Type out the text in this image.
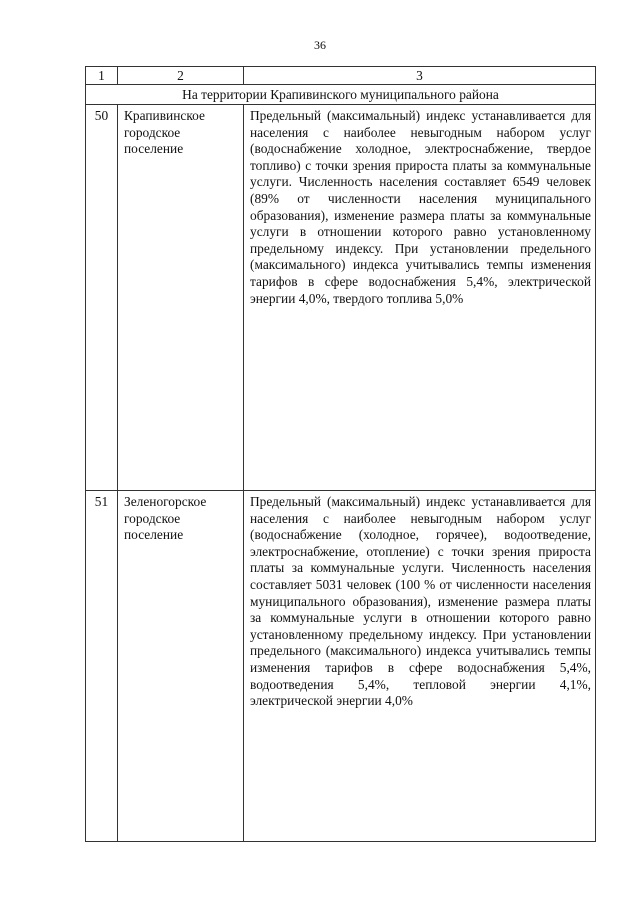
36
1	2	3
На территории Крапивинского муниципального района		
50	Крапивинское городское поселение	Предельный (максимальный) индекс устанавливается для населения с наиболее невыгодным набором услуг (водоснабжение холодное, электроснабжение, твердое топливо) с точки зрения прироста платы за коммунальные услуги. Численность населения составляет 6549 человек (89% от численности населения муниципального образования), изменение размера платы за коммунальные услуги в отношении которого равно установленному предельному индексу. При установлении предельного (максимального) индекса учитывались темпы изменения тарифов в сфере водоснабжения 5,4%, электрической энергии 4,0%, твердого топлива 5,0%
51	Зеленогорское городское поселение	Предельный (максимальный) индекс устанавливается для населения с наиболее невыгодным набором услуг (водоснабжение (холодное, горячее), водоотведение, электроснабжение, отопление) с точки зрения прироста платы за коммунальные услуги. Численность населения составляет 5031 человек (100 % от численности населения муниципального образования), изменение размера платы за коммунальные услуги в отношении которого равно установленному предельному индексу. При установлении предельного (максимального) индекса учитывались темпы изменения тарифов в сфере водоснабжения 5,4%, водоотведения 5,4%, тепловой энергии 4,1%, электрической энергии 4,0%
